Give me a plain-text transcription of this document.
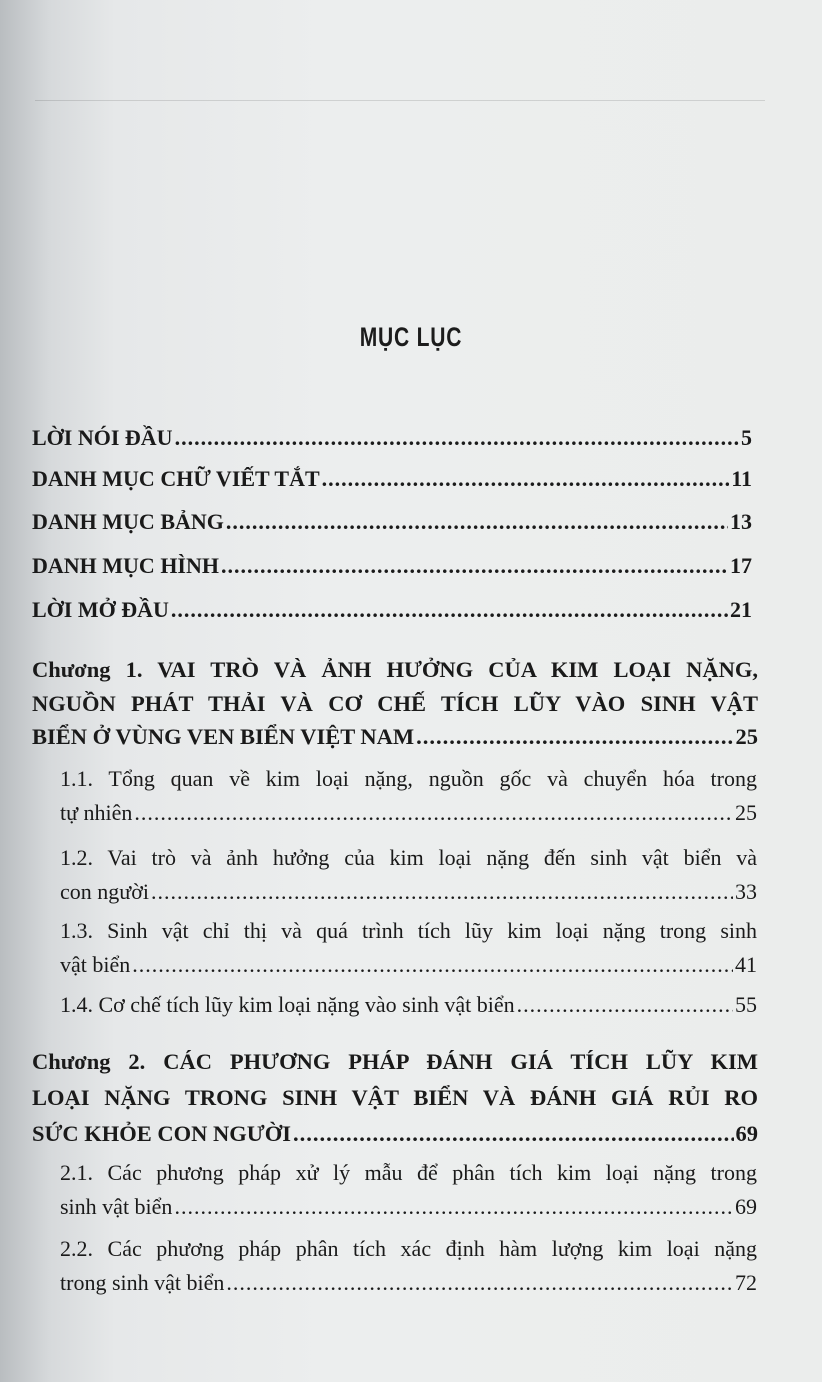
MỤC LỤC
LỜI NÓI ĐẦU .....	5
DANH MỤC CHỮ VIẾT TẮT .....	11
DANH MỤC BẢNG .....	13
DANH MỤC HÌNH .....	17
LỜI MỞ ĐẦU .....	21
Chương 1. VAI TRÒ VÀ ẢNH HƯỞNG CỦA KIM LOẠI NẶNG,
NGUỒN PHÁT THẢI VÀ CƠ CHẾ TÍCH LŨY VÀO SINH VẬT
BIỂN Ở VÙNG VEN BIỂN VIỆT NAM .....	25
1.1. Tổng quan về kim loại nặng, nguồn gốc và chuyển hóa trong
tự nhiên .....	25
1.2. Vai trò và ảnh hưởng của kim loại nặng đến sinh vật biển và
con người .....	33
1.3. Sinh vật chỉ thị và quá trình tích lũy kim loại nặng trong sinh
vật biển .....	41
1.4. Cơ chế tích lũy kim loại nặng vào sinh vật biển .....	55
Chương 2. CÁC PHƯƠNG PHÁP ĐÁNH GIÁ TÍCH LŨY KIM
LOẠI NẶNG TRONG SINH VẬT BIỂN VÀ ĐÁNH GIÁ RỦI RO
SỨC KHỎE CON NGƯỜI .....	69
2.1. Các phương pháp xử lý mẫu để phân tích kim loại nặng trong
sinh vật biển .....	69
2.2. Các phương pháp phân tích xác định hàm lượng kim loại nặng
trong sinh vật biển .....	72
